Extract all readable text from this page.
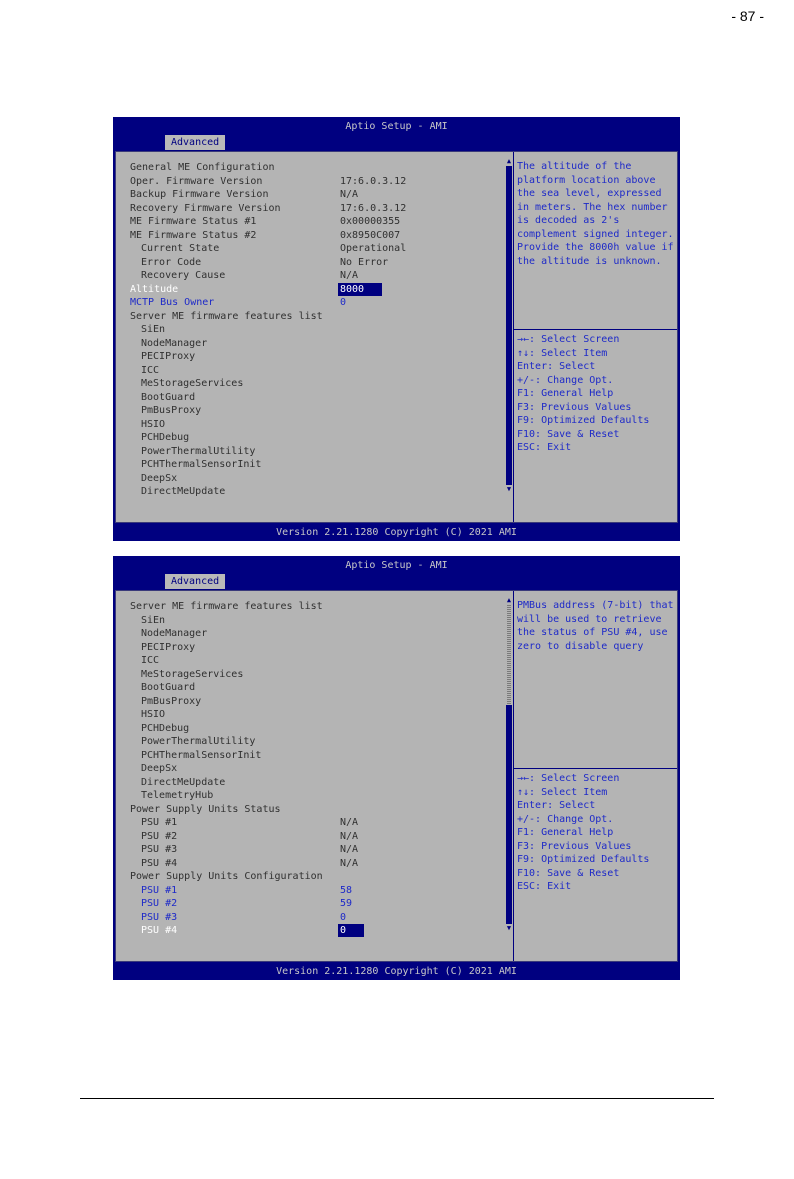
- 87 -
Aptio Setup - AMI
Advanced
General ME Configuration
Oper. Firmware Version	17:6.0.3.12
Backup Firmware Version	N/A
Recovery Firmware Version	17:6.0.3.12
ME Firmware Status #1	0x00000355
ME Firmware Status #2	0x8950C007
Current State	Operational
Error Code	No Error
Recovery Cause	N/A
Altitude	8000
MCTP Bus Owner	0
Server ME firmware features list
SiEn
NodeManager
PECIProxy
ICC
MeStorageServices
BootGuard
PmBusProxy
HSIO
PCHDebug
PowerThermalUtility
PCHThermalSensorInit
DeepSx
DirectMeUpdate
▲
▼
The altitude of the platform location above the sea level, expressed in meters. The hex number is decoded as 2's complement signed integer. Provide the 8000h value if the altitude is unknown.
→←: Select Screen
↑↓: Select Item
Enter: Select
+/-: Change Opt.
F1: General Help
F3: Previous Values
F9: Optimized Defaults
F10: Save & Reset
ESC: Exit
Version 2.21.1280 Copyright (C) 2021 AMI
Aptio Setup - AMI
Advanced
Server ME firmware features list
SiEn
NodeManager
PECIProxy
ICC
MeStorageServices
BootGuard
PmBusProxy
HSIO
PCHDebug
PowerThermalUtility
PCHThermalSensorInit
DeepSx
DirectMeUpdate
TelemetryHub
Power Supply Units Status
PSU #1	N/A
PSU #2	N/A
PSU #3	N/A
PSU #4	N/A
Power Supply Units Configuration
PSU #1	58
PSU #2	59
PSU #3	0
PSU #4	0
▲
▼
PMBus address (7-bit) that will be used to retrieve the status of PSU #4, use zero to disable query
→←: Select Screen
↑↓: Select Item
Enter: Select
+/-: Change Opt.
F1: General Help
F3: Previous Values
F9: Optimized Defaults
F10: Save & Reset
ESC: Exit
Version 2.21.1280 Copyright (C) 2021 AMI
